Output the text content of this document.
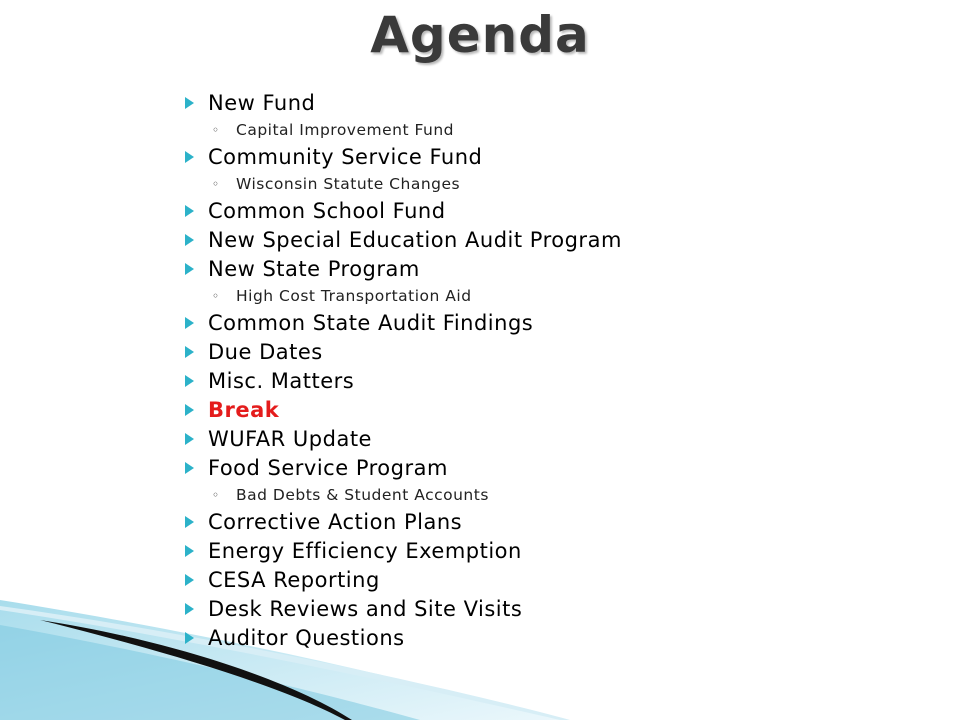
Agenda
New Fund
◦	Capital Improvement Fund
Community Service Fund
◦	Wisconsin Statute Changes
Common School Fund
New Special Education Audit Program
New State Program
◦	High Cost Transportation Aid
Common State Audit Findings
Due Dates
Misc. Matters
Break
WUFAR Update
Food Service Program
◦	Bad Debts & Student Accounts
Corrective Action Plans
Energy Efficiency Exemption
CESA Reporting
Desk Reviews and Site Visits
Auditor Questions
